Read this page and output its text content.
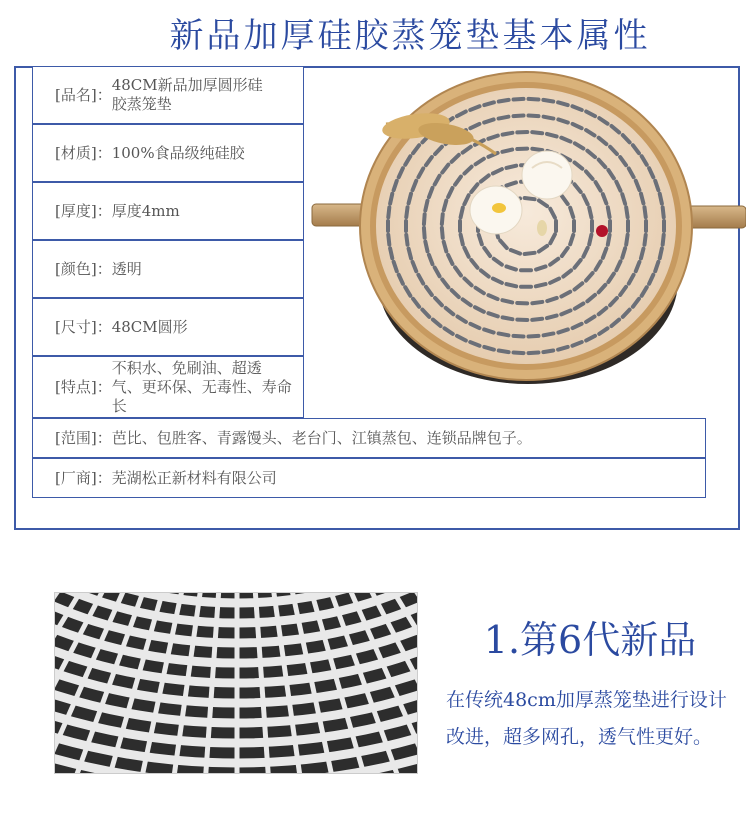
新品加厚硅胶蒸笼垫基本属性
[品名]：
48CM新品加厚圆形硅
胶蒸笼垫
[材质]： 100%食品级纯硅胶
[厚度]： 厚度4mm
[颜色]： 透明
[尺寸]： 48CM圆形
[特点]：
不积水、免刷油、超透
气、更环保、无毒性、寿命长
[范围]： 芭比、包胜客、青露馒头、老台门、江镇蒸包、连锁品牌包子。
[厂商]： 芜湖松正新材料有限公司
1.第6代新品
在传统48cm加厚蒸笼垫进行设计改进，超多网孔，透气性更好。
